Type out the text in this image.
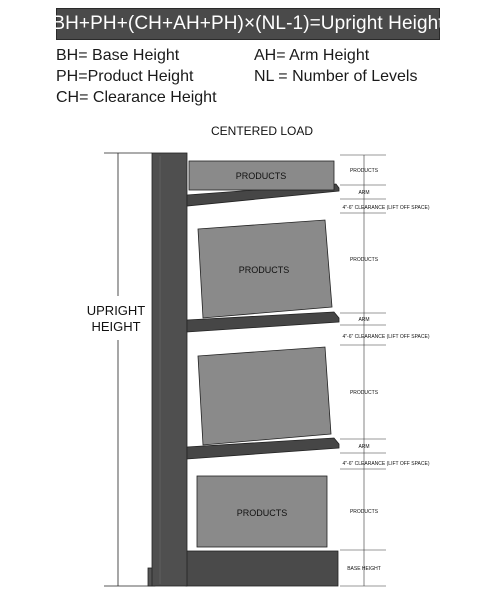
BH+PH+(CH+AH+PH)×(NL-1)=Upright Height
BH= Base Height	AH= Arm Height
PH=Product Height	NL = Number of Levels
CH= Clearance Height
CENTERED LOAD
UPRIGHT
HEIGHT
PRODUCTS
PRODUCTS
PRODUCTS
PRODUCTS
ARM
4"-6" CLEARANCE (LIFT OFF SPACE)
PRODUCTS
ARM
4"-6" CLEARANCE (LIFT OFF SPACE)
PRODUCTS
ARM
4"-6" CLEARANCE (LIFT OFF SPACE)
PRODUCTS
BASE HEIGHT
